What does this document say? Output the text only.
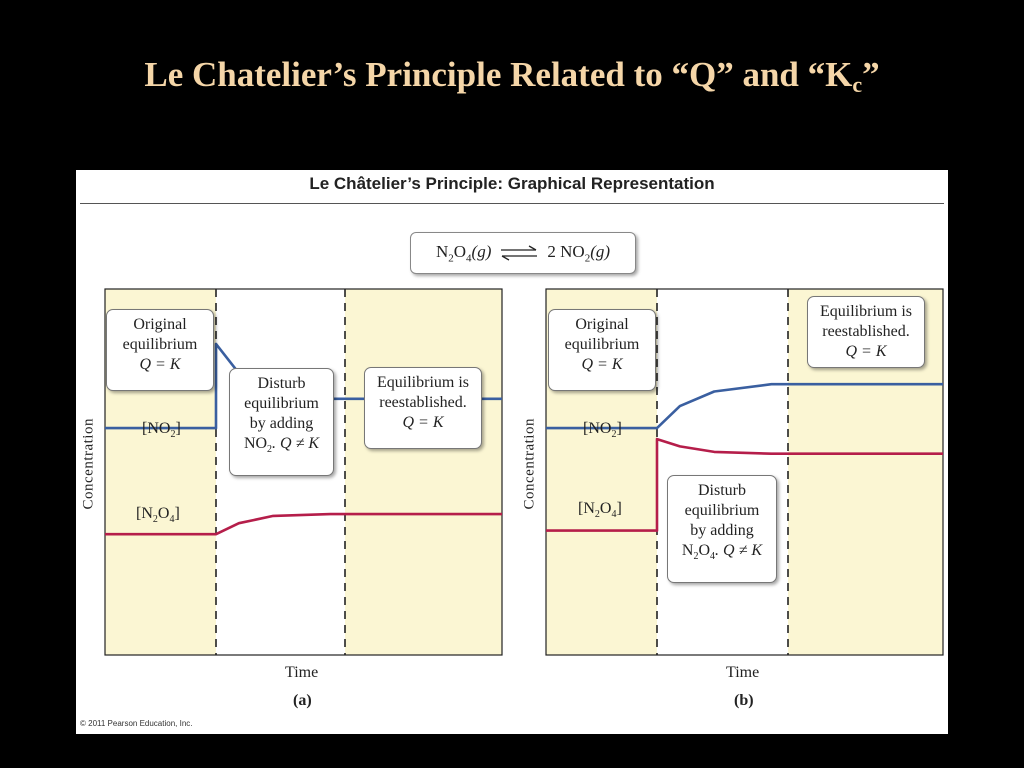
Le Chatelier’s Principle Related to “Q” and “$K_c$”
Le Châtelier’s Principle: Graphical Representation
$N_2O_4(g)$ ⇌ 2 $NO_2(g)$
Original
equilibrium
Q = K
Disturb
equilibrium
by adding
$NO_2$. Q ≠ K
Equilibrium is
reestablished.
Q = K
$[NO_2]$
$[N_2O_4]$
Concentration
Time
(a)
Original
equilibrium
Q = K
Equilibrium is
reestablished.
Q = K
Disturb
equilibrium
by adding
$N_2O_4$. Q ≠ K
$[NO_2]$
$[N_2O_4]$
Concentration
Time
(b)
© 2011 Pearson Education, Inc.
